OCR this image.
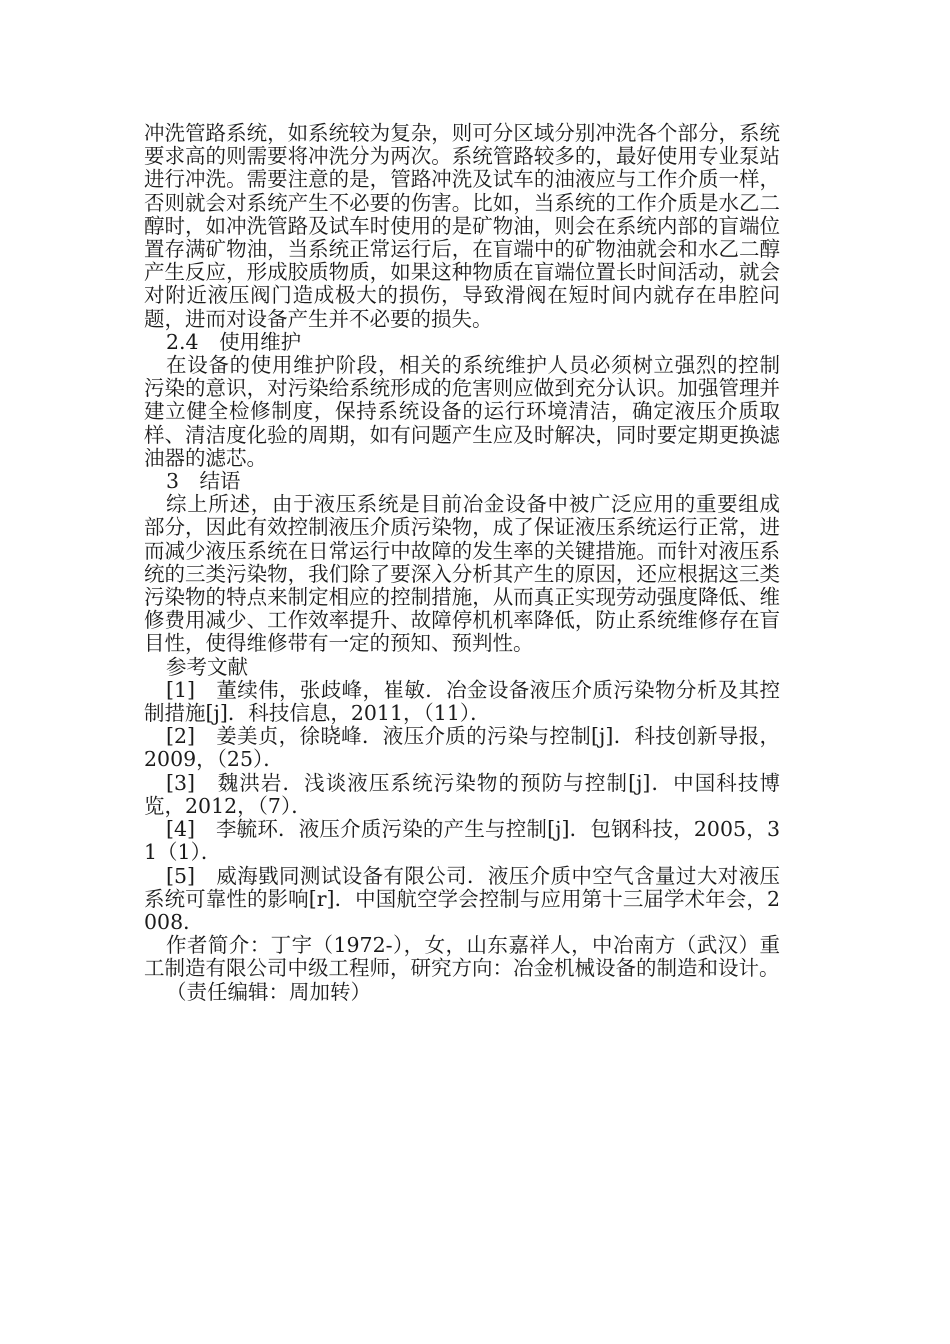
冲洗管路系统，如系统较为复杂，则可分区域分别冲洗各个部分，系统要求高的则需要将冲洗分为两次。系统管路较多的，最好使用专业泵站进行冲洗。需要注意的是，管路冲洗及试车的油液应与工作介质一样，否则就会对系统产生不必要的伤害。比如，当系统的工作介质是水乙二醇时，如冲洗管路及试车时使用的是矿物油，则会在系统内部的盲端位置存满矿物油，当系统正常运行后，在盲端中的矿物油就会和水乙二醇产生反应，形成胶质物质，如果这种物质在盲端位置长时间活动，就会对附近液压阀门造成极大的损伤，导致滑阀在短时间内就存在串腔问题，进而对设备产生并不必要的损失。

2.4　使用维护

在设备的使用维护阶段，相关的系统维护人员必须树立强烈的控制污染的意识，对污染给系统形成的危害则应做到充分认识。加强管理并建立健全检修制度，保持系统设备的运行环境清洁，确定液压介质取样、清洁度化验的周期，如有问题产生应及时解决，同时要定期更换滤油器的滤芯。

3　结语

综上所述，由于液压系统是目前冶金设备中被广泛应用的重要组成部分，因此有效控制液压介质污染物，成了保证液压系统运行正常，进而减少液压系统在日常运行中故障的发生率的关键措施。而针对液压系统的三类污染物，我们除了要深入分析其产生的原因，还应根据这三类污染物的特点来制定相应的控制措施，从而真正实现劳动强度降低、维修费用减少、工作效率提升、故障停机机率降低，防止系统维修存在盲目性，使得维修带有一定的预知、预判性。

参考文献

[1]　董续伟，张歧峰，崔敏．冶金设备液压介质污染物分析及其控制措施[j]．科技信息，2011，（11）．

[2]　姜美贞，徐晓峰．液压介质的污染与控制[j]．科技创新导报，2009，（25）．

[3]　魏洪岩．浅谈液压系统污染物的预防与控制[j]．中国科技博览，2012，（7）．

[4]　李毓环．液压介质污染的产生与控制[j]．包钢科技，2005，31（1）．

[5]　威海戥同测试设备有限公司．液压介质中空气含量过大对液压系统可靠性的影响[r]．中国航空学会控制与应用第十三届学术年会，2008．

作者简介：丁宇（1972-），女，山东嘉祥人，中冶南方（武汉）重工制造有限公司中级工程师，研究方向：冶金机械设备的制造和设计。

（责任编辑：周加转）
